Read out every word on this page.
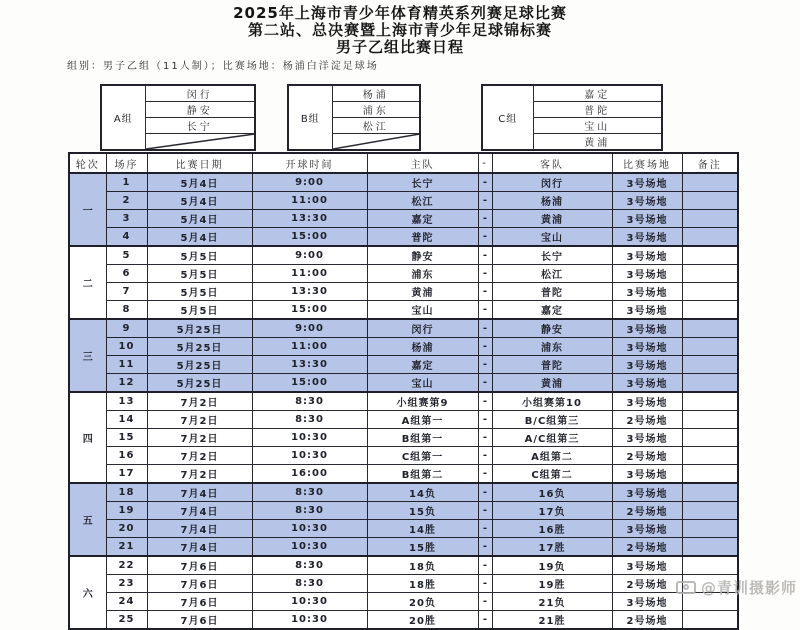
2025年上海市青少年体育精英系列赛足球比赛
第二站、总决赛暨上海市青少年足球锦标赛
男子乙组比赛日程
组别：男子乙组（11人制）；比赛场地：杨浦白洋淀足球场
A组	闵行
静安
长宁

B组	杨浦
浦东
松江

C组	嘉定
普陀
宝山
黄浦
轮次	场序	比赛日期	开球时间	主队	-	客队	比赛场地	备注
一	1	5月4日	9:00	长宁	-	闵行	3号场地	
	2	5月4日	11:00	松江	-	杨浦	3号场地	
	3	5月4日	13:30	嘉定	-	黄浦	3号场地	
	4	5月4日	15:00	普陀	-	宝山	3号场地	
二	5	5月5日	9:00	静安	-	长宁	3号场地	
	6	5月5日	11:00	浦东	-	松江	3号场地	
	7	5月5日	13:30	黄浦	-	普陀	3号场地	
	8	5月5日	15:00	宝山	-	嘉定	3号场地	
三	9	5月25日	9:00	闵行	-	静安	3号场地	
	10	5月25日	11:00	杨浦	-	浦东	3号场地	
	11	5月25日	13:30	嘉定	-	普陀	3号场地	
	12	5月25日	15:00	宝山	-	黄浦	3号场地	
四	13	7月2日	8:30	小组赛第9	-	小组赛第10	3号场地	
	14	7月2日	8:30	A组第一	-	B/C组第三	2号场地	
	15	7月2日	10:30	B组第一	-	A/C组第三	3号场地	
	16	7月2日	10:30	C组第一	-	A组第二	2号场地	
	17	7月2日	16:00	B组第二	-	C组第二	3号场地	
五	18	7月4日	8:30	14负	-	16负	3号场地	
	19	7月4日	8:30	15负	-	17负	2号场地	
	20	7月4日	10:30	14胜	-	16胜	3号场地	
	21	7月4日	10:30	15胜	-	17胜	2号场地	
六	22	7月6日	8:30	18负	-	19负	3号场地	
	23	7月6日	8:30	18胜	-	19胜	2号场地	
	24	7月6日	10:30	20负	-	21负	3号场地	
	25	7月6日	10:30	20胜	-	21胜	2号场地	
@青训摄影师
